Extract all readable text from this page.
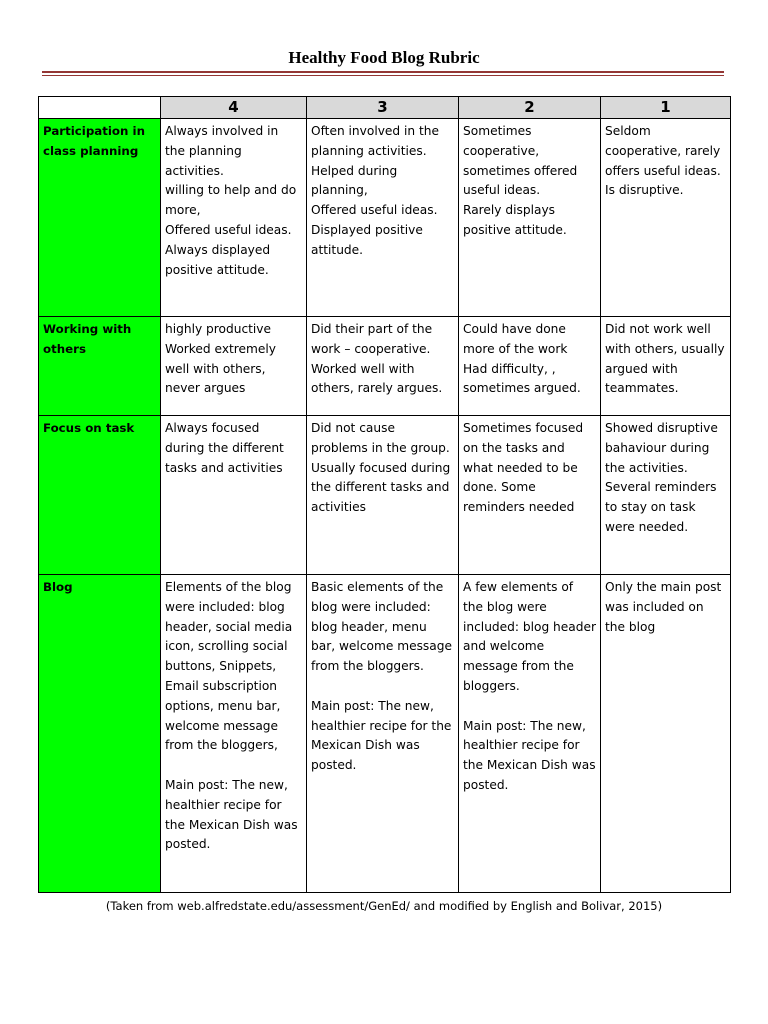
Healthy Food Blog Rubric
	4	3	2	1

Participation in class planning	Always involved in the planning activities.
willing to help and do more,
Offered useful ideas.
Always displayed positive attitude.	Often involved in the planning activities.
Helped during planning,
Offered useful ideas.
Displayed positive attitude.	Sometimes cooperative, sometimes offered useful ideas.
Rarely displays positive attitude.	Seldom cooperative, rarely offers useful ideas. Is disruptive.

Working with others	highly productive
Worked extremely well with others, never argues	Did their part of the work – cooperative.
Worked well with others, rarely argues.	Could have done more of the work
Had difficulty, , sometimes argued.	Did not work well with others, usually argued with teammates.

Focus on task	Always focused during the different tasks and activities	Did not cause problems in the group.
Usually focused during the different tasks and activities	Sometimes focused on the tasks and what needed to be done. Some reminders needed	Showed disruptive bahaviour during the activities.
Several reminders to stay on task were needed.

Blog	Elements of the blog were included: blog header, social media icon, scrolling social buttons, Snippets, Email subscription options, menu bar, welcome message from the bloggers,

Main post: The new, healthier recipe for the Mexican Dish was posted.	Basic elements of the blog were included: blog header, menu bar, welcome message from the bloggers.

Main post: The new, healthier recipe for the Mexican Dish was posted.	A few elements of the blog were included: blog header and welcome message from the bloggers.

Main post: The new, healthier recipe for the Mexican Dish was posted.	Only the main post was included on the blog

(Taken from web.alfredstate.edu/assessment/GenEd/ and modified by English and Bolivar, 2015)
